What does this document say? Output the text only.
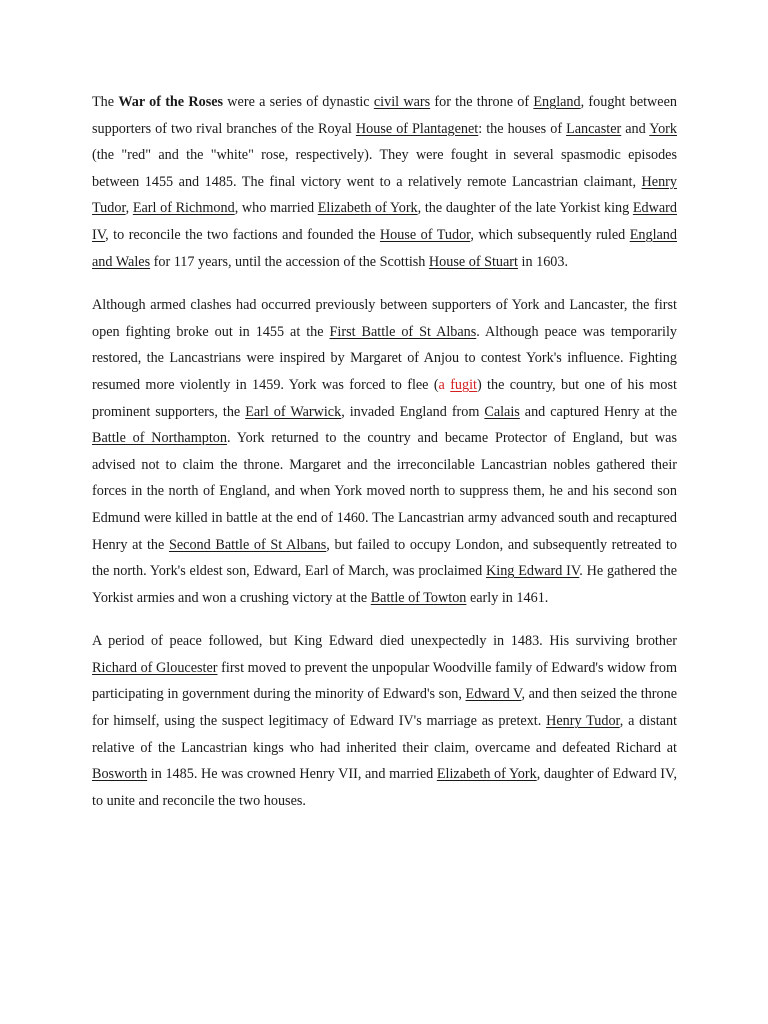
The War of the Roses were a series of dynastic civil wars for the throne of England, fought between supporters of two rival branches of the Royal House of Plantagenet: the houses of Lancaster and York (the "red" and the "white" rose, respectively). They were fought in several spasmodic episodes between 1455 and 1485. The final victory went to a relatively remote Lancastrian claimant, Henry Tudor, Earl of Richmond, who married Elizabeth of York, the daughter of the late Yorkist king Edward IV, to reconcile the two factions and founded the House of Tudor, which subsequently ruled England and Wales for 117 years, until the accession of the Scottish House of Stuart in 1603.

Although armed clashes had occurred previously between supporters of York and Lancaster, the first open fighting broke out in 1455 at the First Battle of St Albans. Although peace was temporarily restored, the Lancastrians were inspired by Margaret of Anjou to contest York's influence. Fighting resumed more violently in 1459. York was forced to flee (a fugit) the country, but one of his most prominent supporters, the Earl of Warwick, invaded England from Calais and captured Henry at the Battle of Northampton. York returned to the country and became Protector of England, but was advised not to claim the throne. Margaret and the irreconcilable Lancastrian nobles gathered their forces in the north of England, and when York moved north to suppress them, he and his second son Edmund were killed in battle at the end of 1460. The Lancastrian army advanced south and recaptured Henry at the Second Battle of St Albans, but failed to occupy London, and subsequently retreated to the north. York's eldest son, Edward, Earl of March, was proclaimed King Edward IV. He gathered the Yorkist armies and won a crushing victory at the Battle of Towton early in 1461.

A period of peace followed, but King Edward died unexpectedly in 1483. His surviving brother Richard of Gloucester first moved to prevent the unpopular Woodville family of Edward's widow from participating in government during the minority of Edward's son, Edward V, and then seized the throne for himself, using the suspect legitimacy of Edward IV's marriage as pretext. Henry Tudor, a distant relative of the Lancastrian kings who had inherited their claim, overcame and defeated Richard at Bosworth in 1485. He was crowned Henry VII, and married Elizabeth of York, daughter of Edward IV, to unite and reconcile the two houses.
